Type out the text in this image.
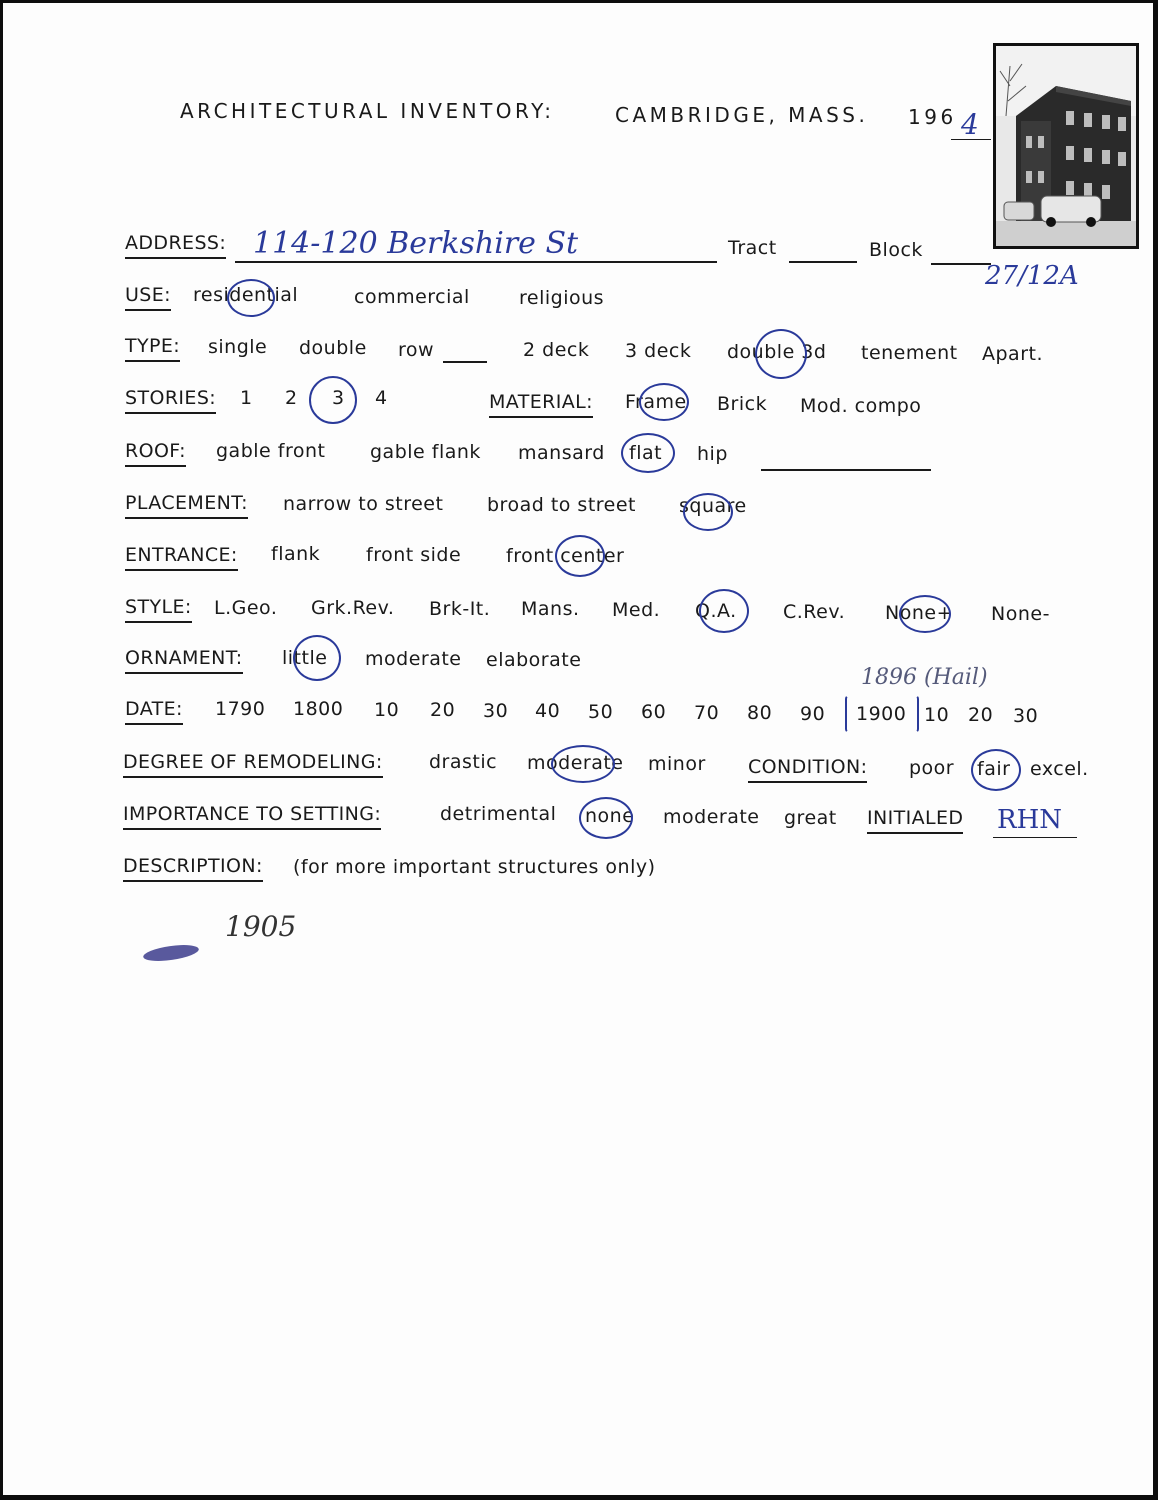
ARCHITECTURAL INVENTORY:	CAMBRIDGE, MASS. 196 4
ADDRESS: 114-120 Berkshire St	Tract	Block
27/12A
USE: residential	commercial	religious
TYPE: single double row	2 deck 3 deck double 3d tenement Apart.
STORIES: 1 2 3 4	MATERIAL: Frame Brick Mod. compo
ROOF: gable front gable flank mansard flat hip
PLACEMENT: narrow to street broad to street square
ENTRANCE: flank front side front center
STYLE: L.Geo. Grk.Rev. Brk-It. Mans. Med. Q.A. C.Rev. None+ None-
ORNAMENT: little moderate elaborate
1896 (Hail)
DATE: 1790 1800 10 20 30 40 50 60 70 80 90 1900 10 20 30
DEGREE OF REMODELING: drastic moderate minor CONDITION: poor fair excel.
IMPORTANCE TO SETTING:	detrimental none moderate great INITIALED RHN
DESCRIPTION: (for more important structures only)
1905
